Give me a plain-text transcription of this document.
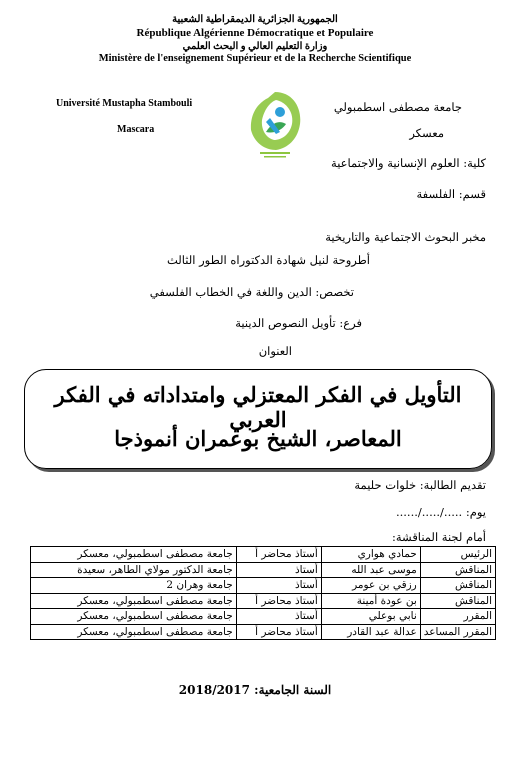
الجمهورية الجزائرية الديمقراطية الشعبية
République Algérienne Démocratique et Populaire
وزارة التعليم العالي و البحث العلمي
Ministère de l'enseignement Supérieur et de la Recherche Scientifique
Université Mustapha Stambouli
Mascara
جامعة مصطفى اسطمبولي
معسكر
كلية: العلوم الإنسانية والاجتماعية
قسم: الفلسفة
مخبر البحوث الاجتماعية والتاريخية
أطروحة لنيل شهادة الدكتوراه الطور الثالث
تخصص: الدين واللغة في الخطاب الفلسفي
فرع: تأويل النصوص الدينية
العنوان
التأويل في الفكر المعتزلي وامتداداته في الفكر العربي
المعاصر، الشيخ بوعمران أنموذجا
تقديم الطالبة: خلوات حليمة
يوم: ...../...../......
أمام لجنة المناقشة:
الرئيس	حمادي هواري	أستاذ محاضر أ	جامعة مصطفى اسطمبولي، معسكر
المناقش	موسى عبد الله	أستاذ	جامعة الدكتور مولاي الطاهر، سعيدة
المناقش	رزقي بن عومر	أستاذ	جامعة وهران 2
المناقش	بن عودة أمينة	أستاذ محاضر أ	جامعة مصطفى اسطمبولي، معسكر
المقرر	نابي بوعلي	أستاذ	جامعة مصطفى اسطمبولي، معسكر
المقرر المساعد	عدالة عبد القادر	أستاذ محاضر أ	جامعة مصطفى اسطمبولي، معسكر
السنة الجامعية: 2018/2017
